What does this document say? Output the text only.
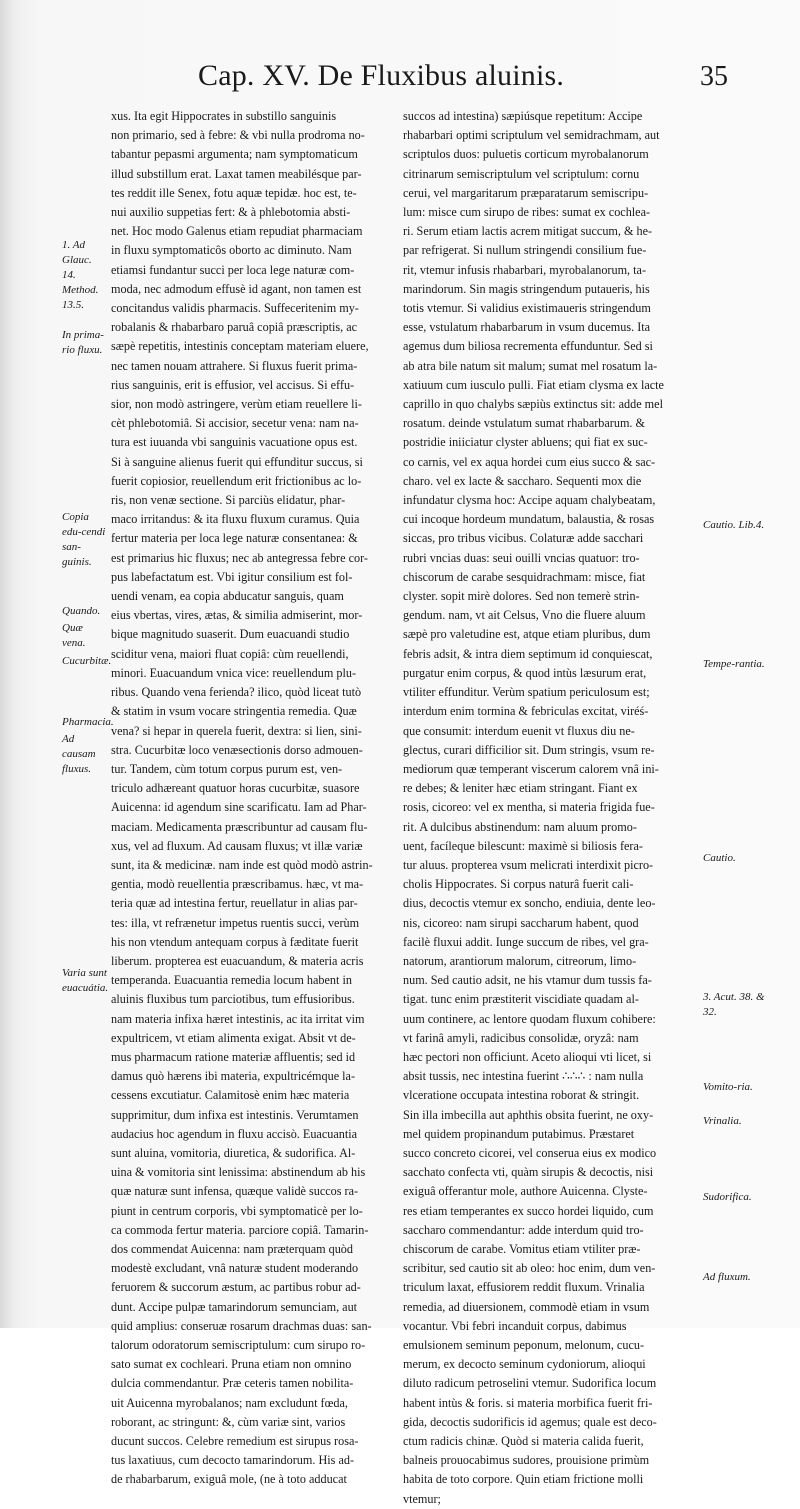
Cap. XV. De Fluxibus aluinis.	35
1. Ad Glauc. 14. Method. 13.5.
In prima-rio fluxu.
Copia edu-cendi san-guinis.
Quando.
Quæ vena.
Cucurbitæ.
Pharmacia.
Ad causam fluxus.
Varia sunt euacuátia.
Cautio. Lib.4.
Tempe-rantia.
Cautio.
3. Acut. 38. & 32.
Vomito-ria.
Vrinalia.
Sudorifica.
Ad fluxum.
xus. Ita egit Hippocrates in substillo sanguinis
non primario, sed à febre: & vbi nulla prodroma no-
tabantur pepasmi argumenta; nam symptomaticum
illud substillum erat. Laxat tamen meabilésque par-
tes reddit ille Senex, fotu aquæ tepidæ. hoc est, te-
nui auxilio suppetias fert: & à phlebotomia absti-
net. Hoc modo Galenus etiam repudiat pharmaciam
in fluxu symptomaticôs oborto ac diminuto. Nam
etiamsi fundantur succi per loca lege naturæ com-
moda, nec admodum effusè id agant, non tamen est
concitandus validis pharmacis. Suffeceritenim my-
robalanis & rhabarbaro paruâ copiâ præscriptis, ac
sæpè repetitis, intestinis conceptam materiam eluere,
nec tamen nouam attrahere. Si fluxus fuerit prima-
rius sanguinis, erit is effusior, vel accisus. Si effu-
sior, non modò astringere, verùm etiam reuellere li-
cèt phlebotomiâ. Si accisior, secetur vena: nam na-
tura est iuuanda vbi sanguinis vacuatione opus est.
Si à sanguine alienus fuerit qui effunditur succus, si
fuerit copiosior, reuellendum erit frictionibus ac lo-
ris, non venæ sectione. Si parciùs elidatur, phar-
maco irritandus: & ita fluxu fluxum curamus. Quia
fertur materia per loca lege naturæ consentanea: &
est primarius hic fluxus; nec ab antegressa febre cor-
pus labefactatum est. Vbi igitur consilium est fol-
uendi venam, ea copia abducatur sanguis, quam
eius vbertas, vires, ætas, & similia admiserint, mor-
bique magnitudo suaserit. Dum euacuandi studio
sciditur vena, maiori fluat copiâ: cùm reuellendi,
minori. Euacuandum vnica vice: reuellendum plu-
ribus. Quando vena ferienda? ilico, quòd liceat tutò
& statim in vsum vocare stringentia remedia. Quæ
vena? si hepar in querela fuerit, dextra: si lien, sini-
stra. Cucurbitæ loco venæsectionis dorso admouen-
tur. Tandem, cùm totum corpus purum est, ven-
triculo adhæreant quatuor horas cucurbitæ, suasore
Auicenna: id agendum sine scarificatu. Iam ad Phar-
maciam. Medicamenta præscribuntur ad causam flu-
xus, vel ad fluxum. Ad causam fluxus; vt illæ variæ
sunt, ita & medicinæ. nam inde est quòd modò astrin-
gentia, modò reuellentia præscribamus. hæc, vt ma-
teria quæ ad intestina fertur, reuellatur in alias par-
tes: illa, vt refrænetur impetus ruentis succi, verùm
his non vtendum antequam corpus à fæditate fuerit
liberum. propterea est euacuandum, & materia acris
temperanda. Euacuantia remedia locum habent in
aluinis fluxibus tum parciotibus, tum effusioribus.
nam materia infixa hæret intestinis, ac ita irritat vim
expultricem, vt etiam alimenta exigat. Absit vt de-
mus pharmacum ratione materiæ affluentis; sed id
damus quò hærens ibi materia, expultricémque la-
cessens excutiatur. Calamitosè enim hæc materia
supprimitur, dum infixa est intestinis. Verumtamen
audacius hoc agendum in fluxu accisò. Euacuantia
sunt aluina, vomitoria, diuretica, & sudorifica. Al-
uina & vomitoria sint lenissima: abstinendum ab his
quæ naturæ sunt infensa, quæque validè succos ra-
piunt in centrum corporis, vbi symptomaticè per lo-
ca commoda fertur materia. parciore copiâ. Tamarin-
dos commendat Auicenna: nam præterquam quòd
modestè excludant, vnâ naturæ student moderando
feruorem & succorum æstum, ac partibus robur ad-
dunt. Accipe pulpæ tamarindorum semunciam, aut
quid amplius: conseruæ rosarum drachmas duas: san-
talorum odoratorum semiscriptulum: cum sirupo ro-
sato sumat ex cochleari. Pruna etiam non omnino
dulcia commendantur. Præ ceteris tamen nobilita-
uit Auicenna myrobalanos; nam excludunt fœda,
roborant, ac stringunt: &, cùm variæ sint, varios
ducunt succos. Celebre remedium est sirupus rosa-
tus laxatiuus, cum decocto tamarindorum. His ad-
de rhabarbarum, exiguâ mole, (ne à toto adducat
succos ad intestina) sæpiúsque repetitum: Accipe
rhabarbari optimi scriptulum vel semidrachmam, aut
scriptulos duos: puluetis corticum myrobalanorum
citrinarum semiscriptulum vel scriptulum: cornu
cerui, vel margaritarum præparatarum semiscripu-
lum: misce cum sirupo de ribes: sumat ex cochlea-
ri. Serum etiam lactis acrem mitigat succum, & he-
par refrigerat. Si nullum stringendi consilium fue-
rit, vtemur infusis rhabarbari, myrobalanorum, ta-
marindorum. Sin magis stringendum putaueris, his
totis vtemur. Si validius existimaueris stringendum
esse, vstulatum rhabarbarum in vsum ducemus. Ita
agemus dum biliosa recrementa effunduntur. Sed si
ab atra bile natum sit malum; sumat mel rosatum la-
xatiuum cum iusculo pulli. Fiat etiam clysma ex lacte
caprillo in quo chalybs sæpiùs extinctus sit: adde mel
rosatum. deinde vstulatum sumat rhabarbarum. &
postridie iniiciatur clyster abluens; qui fiat ex suc-
co carnis, vel ex aqua hordei cum eius succo & sac-
charo. vel ex lacte & saccharo. Sequenti mox die
infundatur clysma hoc: Accipe aquam chalybeatam,
cui incoque hordeum mundatum, balaustia, & rosas
siccas, pro tribus vicibus. Colaturæ adde sacchari
rubri vncias duas: seui ouilli vncias quatuor: tro-
chiscorum de carabe sesquidrachmam: misce, fiat
clyster. sopit mirè dolores. Sed non temerè strin-
gendum. nam, vt ait Celsus, Vno die fluere aluum
sæpè pro valetudine est, atque etiam pluribus, dum
febris adsit, & intra diem septimum id conquiescat,
purgatur enim corpus, & quod intùs læsurum erat,
vtiliter effunditur. Verùm spatium periculosum est;
interdum enim tormina & febriculas excitat, viréś-
que consumit: interdum euenit vt fluxus diu ne-
glectus, curari difficilior sit. Dum stringis, vsum re-
mediorum quæ temperant viscerum calorem vnâ ini-
re debes; & leniter hæc etiam stringant. Fiant ex
rosis, cicoreo: vel ex mentha, si materia frigida fue-
rit. A dulcibus abstinendum: nam aluum promo-
uent, facíleque bilescunt: maximè si biliosis fera-
tur aluus. propterea vsum melicrati interdixit picro-
cholis Hippocrates. Si corpus naturâ fuerit cali-
dius, decoctis vtemur ex soncho, endiuia, dente leo-
nis, cicoreo: nam sirupi saccharum habent, quod
facilè fluxui addit. Iunge succum de ribes, vel gra-
natorum, arantiorum malorum, citreorum, limo-
num. Sed cautio adsit, ne his vtamur dum tussis fa-
tigat. tunc enim præstiterit viscidiate quadam al-
uum continere, ac lentore quodam fluxum cohibere:
vt farinâ amyli, radicibus consolidæ, oryzâ: nam
hæc pectori non officiunt. Aceto alioqui vti licet, si
absit tussis, nec intestina fuerint ∴∴∴ : nam nulla
vlceratione occupata intestina roborat & stringit.
Sin illa imbecilla aut aphthis obsita fuerint, ne oxy-
mel quidem propinandum putabimus. Præstaret
succo concreto cicorei, vel conserua eius ex modico
sacchato confecta vti, quàm sirupis & decoctis, nisi
exiguâ offerantur mole, authore Auicenna. Clyste-
res etiam temperantes ex succo hordei liquido, cum
saccharo commendantur: adde interdum quid tro-
chiscorum de carabe. Vomitus etiam vtiliter præ-
scribitur, sed cautio sit ab oleo: hoc enim, dum ven-
triculum laxat, effusiorem reddit fluxum. Vrinalia
remedia, ad diuersionem, commodè etiam in vsum
vocantur. Vbi febri incanduit corpus, dabimus
emulsionem seminum peponum, melonum, cucu-
merum, ex decocto seminum cydoniorum, alioqui
diluto radicum petroselini vtemur. Sudorifica locum
habent intùs & foris. si materia morbifica fuerit fri-
gida, decoctis sudorificis id agemus; quale est deco-
ctum radicis chinæ. Quòd si materia calida fuerit,
balneis prouocabimus sudores, prouisione primùm
habita de toto corpore. Quin etiam frictione molli
vtemur;
